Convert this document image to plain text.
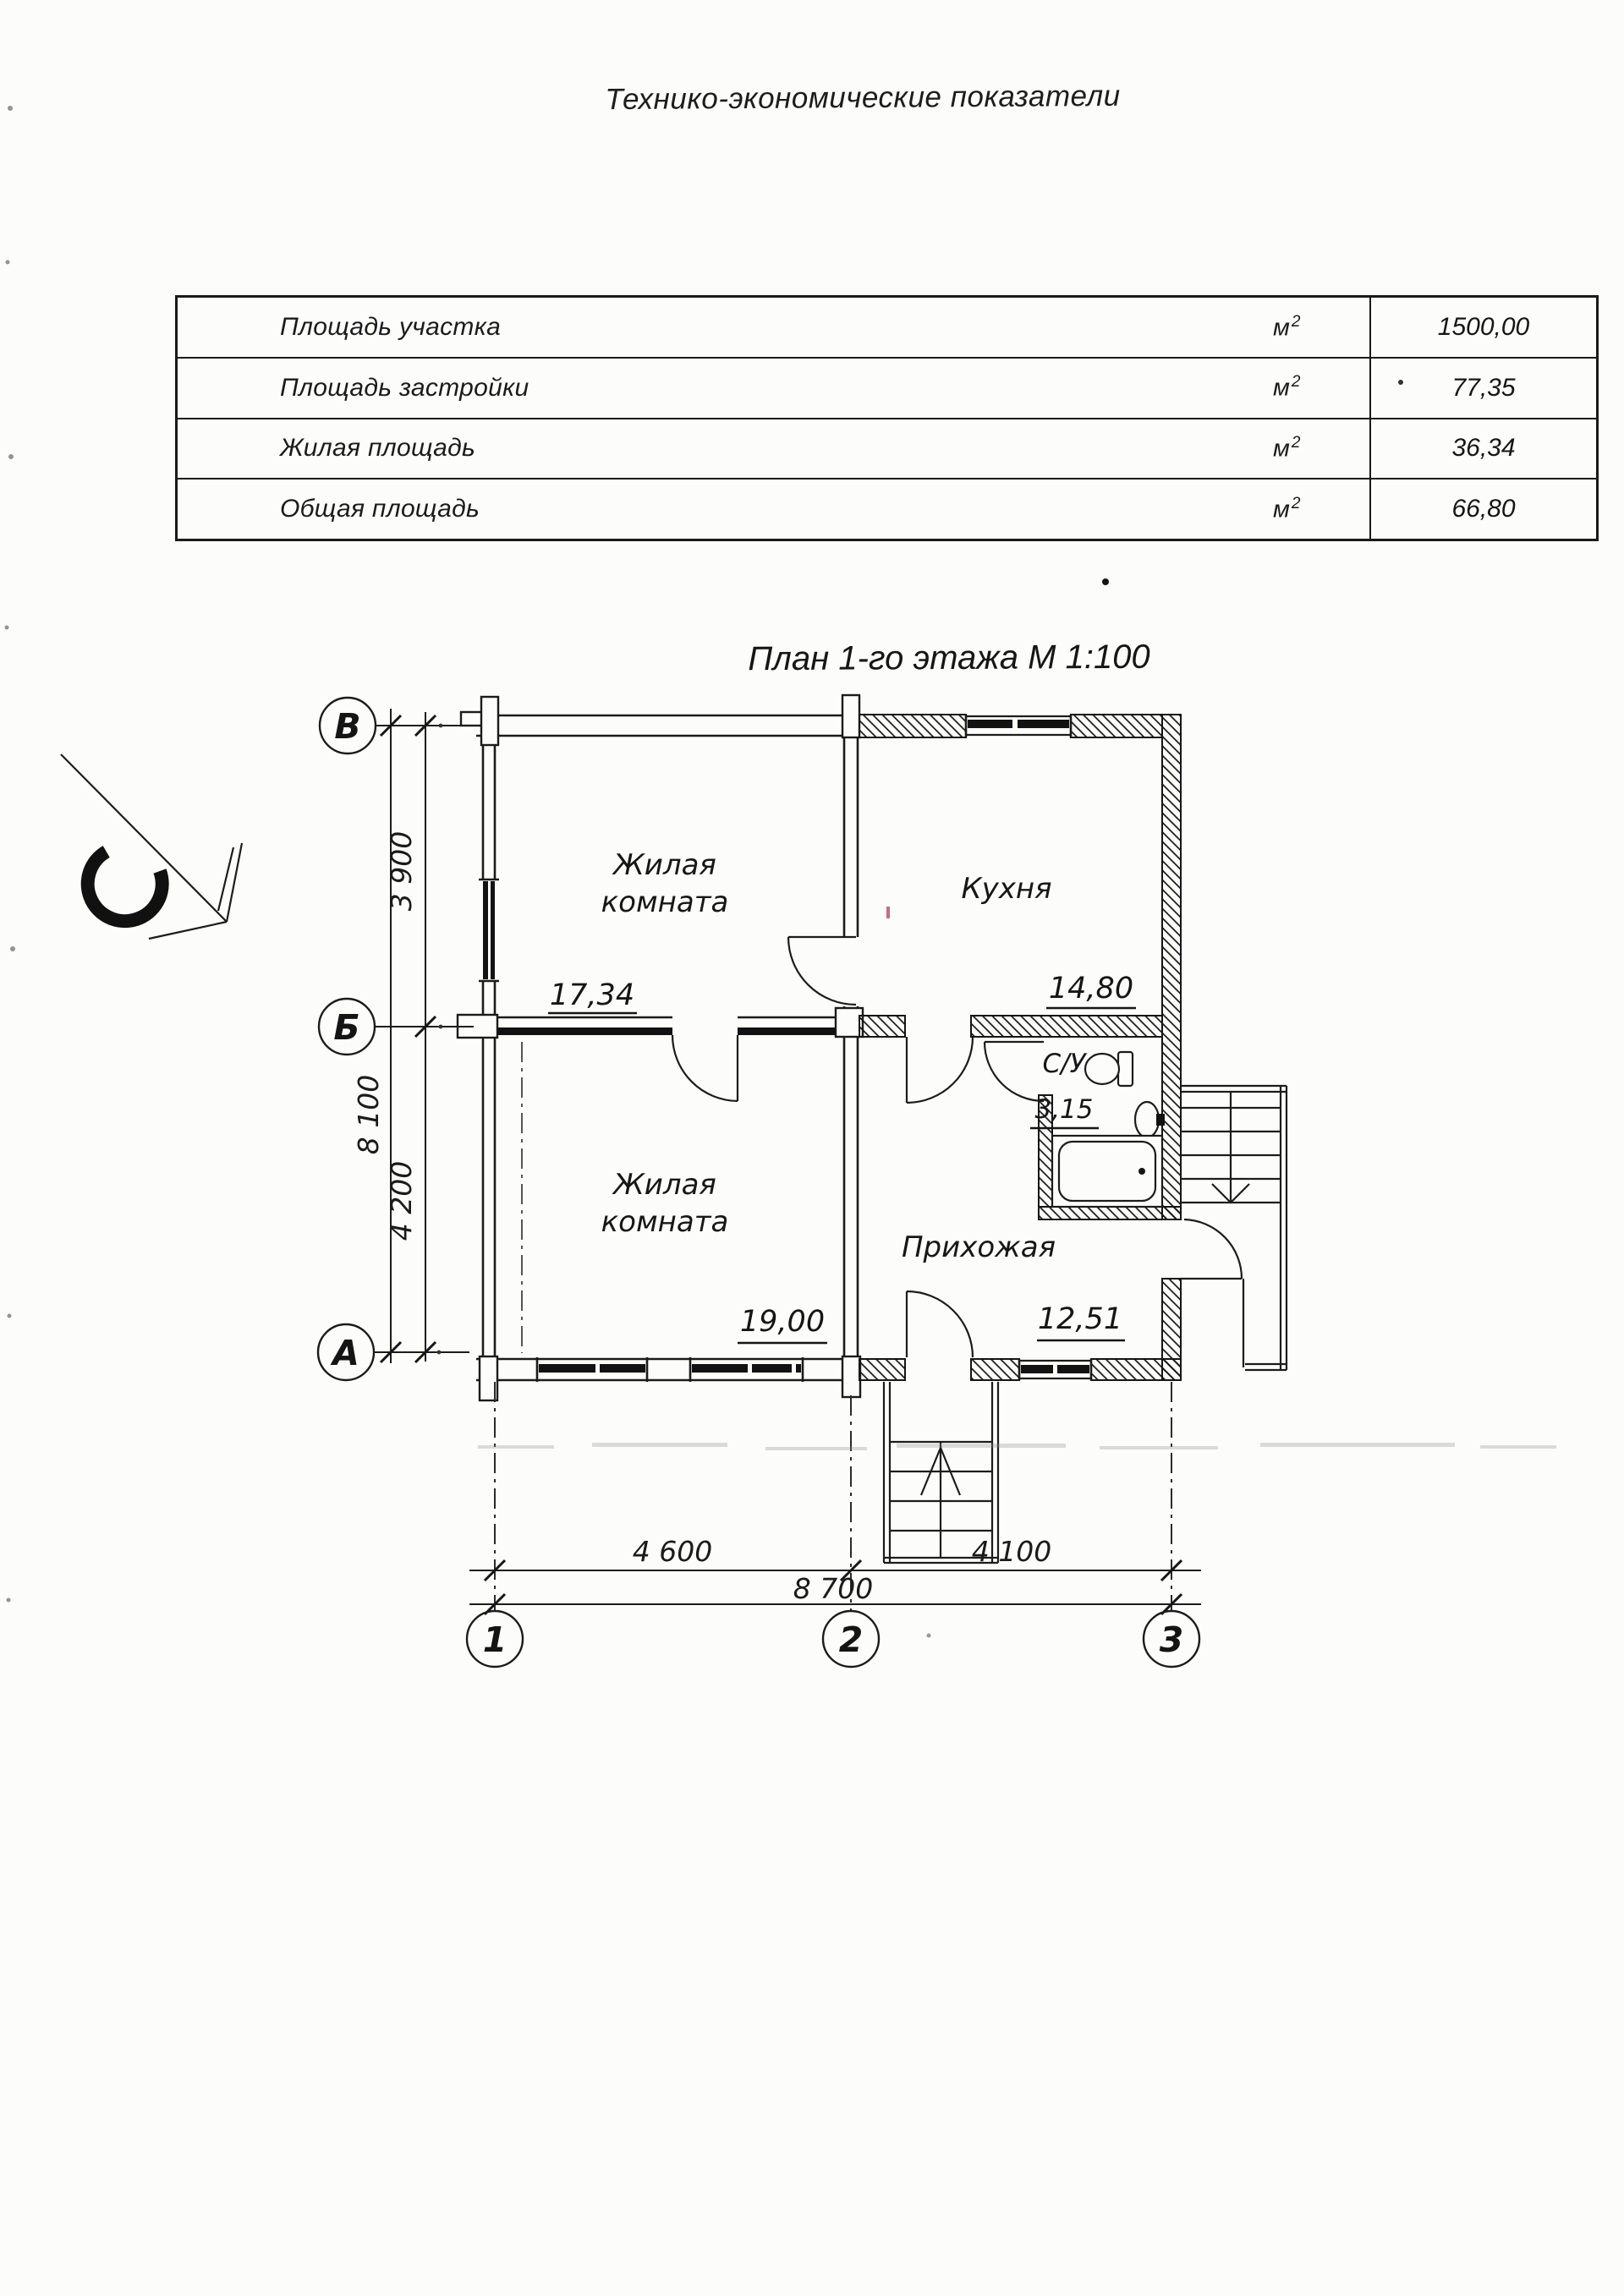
Технико-экономические показатели
Площадь участка	м $^2$	1500,00
Площадь застройки	м $^2$	77,35
Жилая площадь	м $^2$	36,34
Общая площадь	м $^2$	66,80
План 1-го этажа М 1:100
В
Б
А
3 900
4 200
8 100
4 600	4 100
8 700
1	2	3
Жилая
комната
17,34
Кухня
14,80
Жилая
комната
19,00
Прихожая
12,51
С/У
3,15
